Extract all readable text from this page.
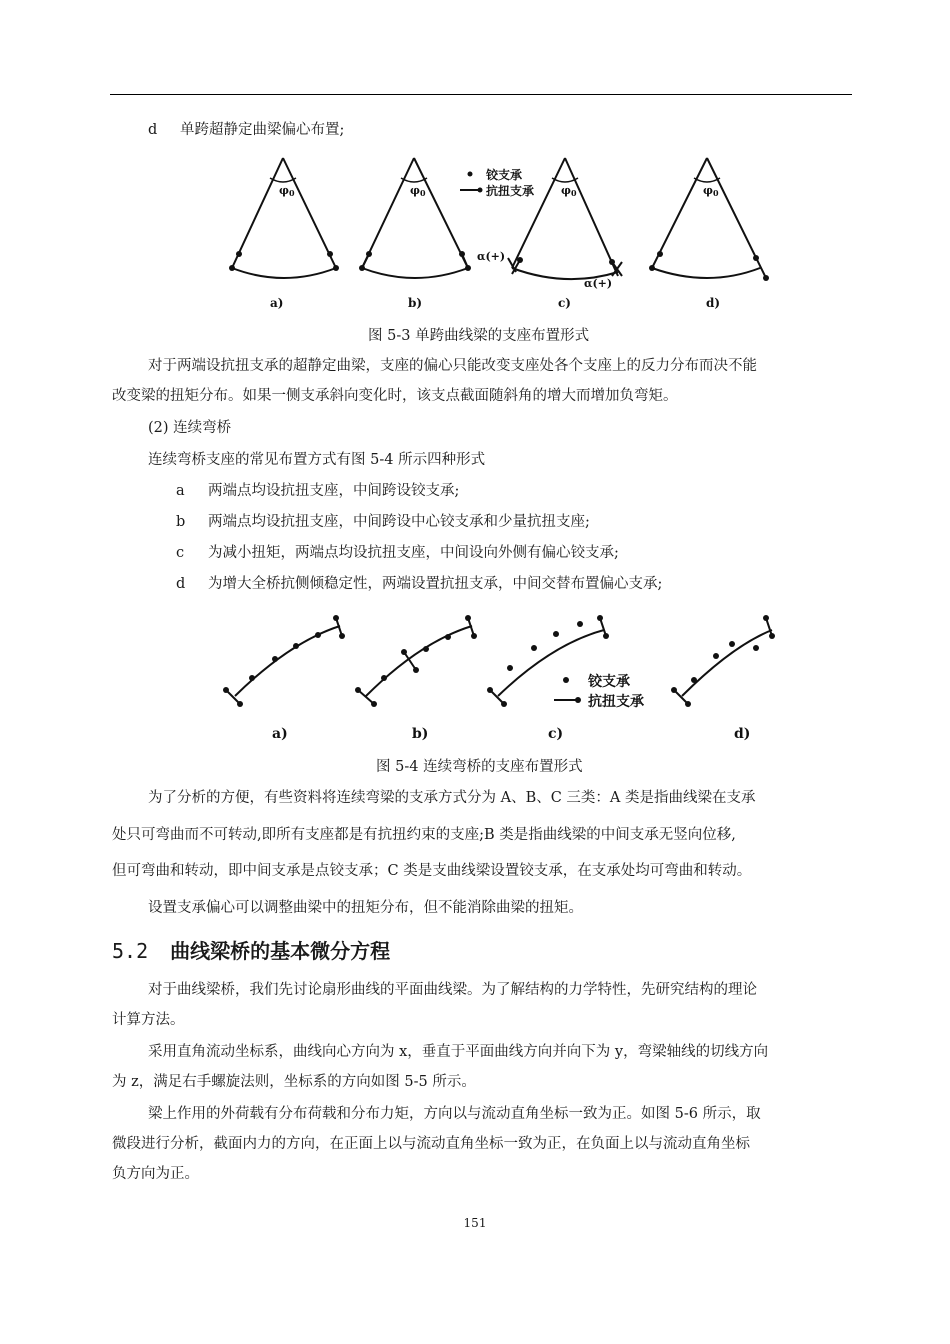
d 单跨超静定曲梁偏心布置;
铰支承
抗扭支承
φ0	φ0	φ0	φ0
α(+)
α(+)
a)	b)	c)	d)
图 5-3 单跨曲线梁的支座布置形式
对于两端设抗扭支承的超静定曲梁，支座的偏心只能改变支座处各个支座上的反力分布而决不能
改变梁的扭矩分布。如果一侧支承斜向变化时，该支点截面随斜角的增大而增加负弯矩。
(2) 连续弯桥
连续弯桥支座的常见布置方式有图 5-4 所示四种形式
a 两端点均设抗扭支座，中间跨设铰支承;
b 两端点均设抗扭支座，中间跨设中心铰支承和少量抗扭支座;
c 为减小扭矩，两端点均设抗扭支座，中间设向外侧有偏心铰支承;
d 为增大全桥抗侧倾稳定性，两端设置抗扭支承，中间交替布置偏心支承;
铰支承
抗扭支承
a)	b)	c)	d)
图 5-4 连续弯桥的支座布置形式
为了分析的方便，有些资料将连续弯梁的支承方式分为 A、B、C 三类：A 类是指曲线梁在支承
处只可弯曲而不可转动,即所有支座都是有抗扭约束的支座;B 类是指曲线梁的中间支承无竖向位移,
但可弯曲和转动，即中间支承是点铰支承；C 类是支曲线梁设置铰支承，在支承处均可弯曲和转动。
设置支承偏心可以调整曲梁中的扭矩分布，但不能消除曲梁的扭矩。
5.2 曲线梁桥的基本微分方程
对于曲线梁桥，我们先讨论扇形曲线的平面曲线梁。为了解结构的力学特性，先研究结构的理论
计算方法。
采用直角流动坐标系，曲线向心方向为 x，垂直于平面曲线方向并向下为 y，弯梁轴线的切线方向
为 z，满足右手螺旋法则，坐标系的方向如图 5-5 所示。
梁上作用的外荷载有分布荷载和分布力矩，方向以与流动直角坐标一致为正。如图 5-6 所示，取
微段进行分析，截面内力的方向，在正面上以与流动直角坐标一致为正，在负面上以与流动直角坐标
负方向为正。
151
